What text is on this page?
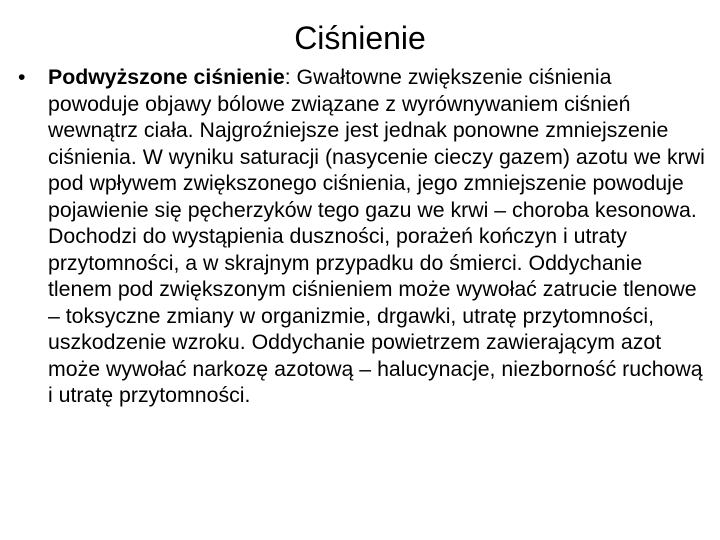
Ciśnienie
•	Podwyższone ciśnienie: Gwałtowne zwiększenie ciśnienia powoduje objawy bólowe związane z wyrównywaniem ciśnień wewnątrz ciała. Najgroźniejsze jest jednak ponowne zmniejszenie ciśnienia. W wyniku saturacji (nasycenie cieczy gazem) azotu we krwi pod wpływem zwiększonego ciśnienia, jego zmniejszenie powoduje pojawienie się pęcherzyków tego gazu we krwi – choroba kesonowa. Dochodzi do wystąpienia duszności, porażeń kończyn i utraty przytomności, a w skrajnym przypadku do śmierci. Oddychanie tlenem pod zwiększonym ciśnieniem może wywołać zatrucie tlenowe – toksyczne zmiany w organizmie, drgawki, utratę przytomności, uszkodzenie wzroku. Oddychanie powietrzem zawierającym azot może wywołać narkozę azotową – halucynacje, niezborność ruchową i utratę przytomności.
